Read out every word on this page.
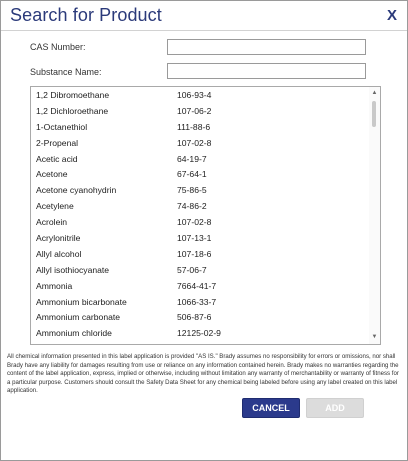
Search for Product	X
CAS Number:
Substance Name:
1,2 Dibromoethane	106-93-4
1,2 Dichloroethane	107-06-2
1-Octanethiol	111-88-6
2-Propenal	107-02-8
Acetic acid	64-19-7
Acetone	67-64-1
Acetone cyanohydrin	75-86-5
Acetylene	74-86-2
Acrolein	107-02-8
Acrylonitrile	107-13-1
Allyl alcohol	107-18-6
Allyl isothiocyanate	57-06-7
Ammonia	7664-41-7
Ammonium bicarbonate	1066-33-7
Ammonium carbonate	506-87-6
Ammonium chloride	12125-02-9
▲
▼
All chemical information presented in this label application is provided "AS IS." Brady assumes no responsibility for errors or omissions, nor shall Brady have any liability for damages resulting from use or reliance on any information contained herein. Brady makes no warranties regarding the content of the label application, express, implied or otherwise, including without limitation any warranty of merchantability or warranty of fitness for a particular purpose. Customers should consult the Safety Data Sheet for any chemical being labeled before using any label created on this label application.
CANCEL	ADD
